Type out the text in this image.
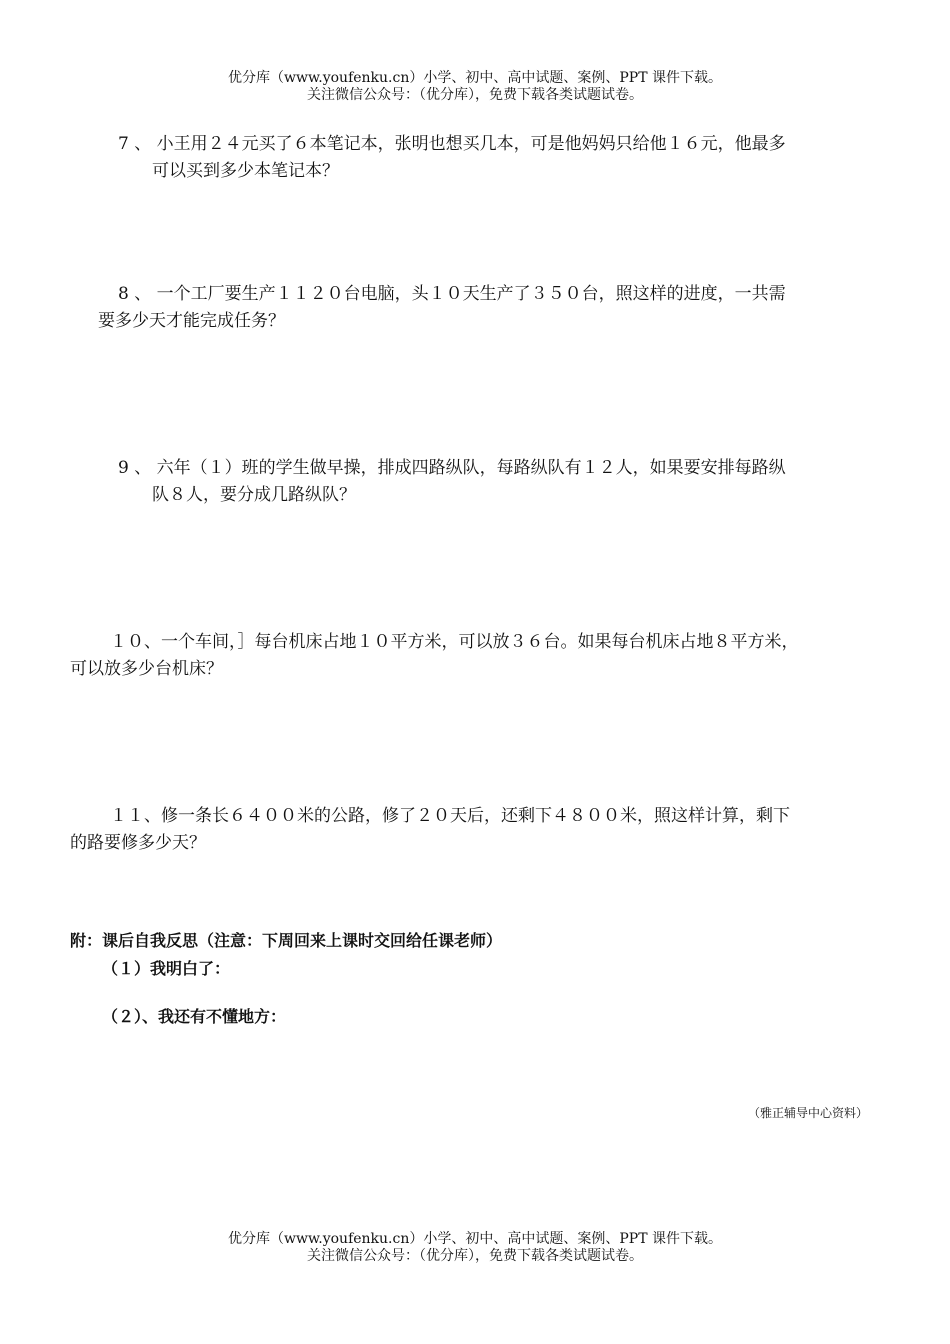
优分库（www.youfenku.cn）小学、初中、高中试题、案例、PPT 课件下载。
关注微信公众号：（优分库），免费下载各类试题试卷。
7 、 小王用２４元买了６本笔记本，张明也想买几本，可是他妈妈只给他１６元，他最多
可以买到多少本笔记本？
8 、 一个工厂要生产１１２０台电脑，头１０天生产了３５０台，照这样的进度，一共需
要多少天才能完成任务？
9 、 六年（１）班的学生做早操，排成四路纵队，每路纵队有１２人，如果要安排每路纵
队８人，要分成几路纵队？
１０、一个车间，］每台机床占地１０平方米，可以放３６台。如果每台机床占地８平方米，
可以放多少台机床？
１１、修一条长６４００米的公路，修了２０天后，还剩下４８００米，照这样计算，剩下
的路要修多少天？
附：课后自我反思（注意：下周回来上课时交回给任课老师）
（１）我明白了：
（２）、我还有不懂地方：
（雅正辅导中心资料）
优分库（www.youfenku.cn）小学、初中、高中试题、案例、PPT 课件下载。
关注微信公众号：（优分库），免费下载各类试题试卷。
